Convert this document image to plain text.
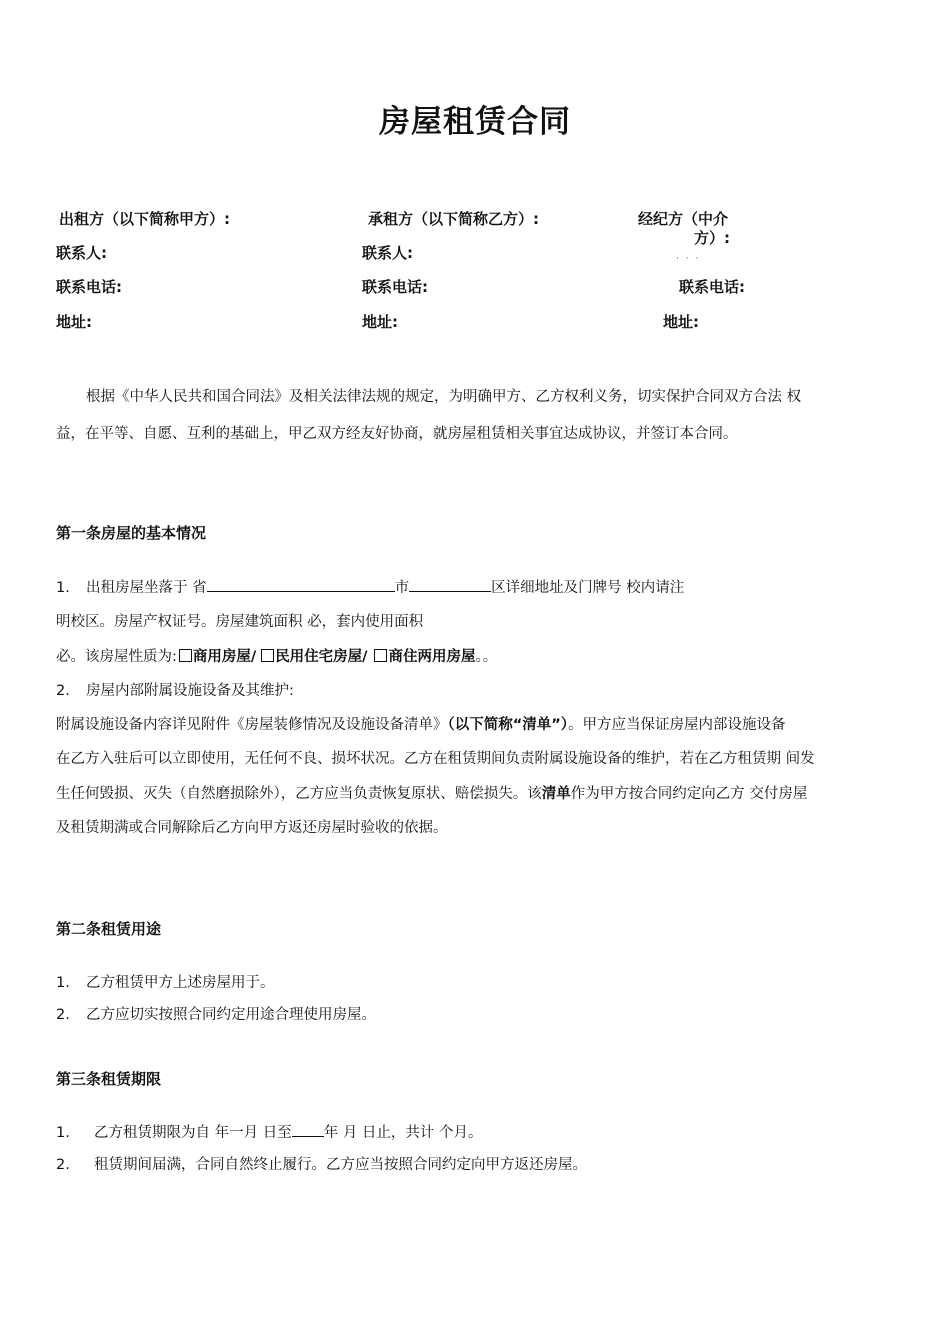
房屋租赁合同
出租方（以下简称甲方）:	承租方（以下简称乙方）:	经纪方（中介
方）:
联系人:	联系人:	· · ·
联系电话:	联系电话:	联系电话:
地址:	地址:	地址:
根据《中华人民共和国合同法》及相关法律法规的规定，为明确甲方、乙方权利义务，切实保护合同双方合法 权
益，在平等、自愿、互利的基础上，甲乙双方经友好协商，就房屋租赁相关事宜达成协议，并签订本合同。
第一条房屋的基本情况
1. 出租房屋坐落于 省	市	区详细地址及门牌号 校内请注
明校区。房屋产权证号。房屋建筑面积 必，套内使用面积
必。该房屋性质为: 商用房屋/ 民用住宅房屋/ 商住两用房屋。。
2. 房屋内部附属设施设备及其维护:
附属设施设备内容详见附件《房屋装修情况及设施设备清单》（以下简称“清单”）。甲方应当保证房屋内部设施设备
在乙方入驻后可以立即使用，无任何不良、损坏状况。乙方在租赁期间负责附属设施设备的维护，若在乙方租赁期 间发
生任何毁损、灭失（自然磨损除外），乙方应当负责恢复原状、赔偿损失。该清单作为甲方按合同约定向乙方 交付房屋
及租赁期满或合同解除后乙方向甲方返还房屋时验收的依据。
第二条租赁用途
1. 乙方租赁甲方上述房屋用于。
2. 乙方应切实按照合同约定用途合理使用房屋。
第三条租赁期限
1. 乙方租赁期限为自 年一月 日至 年 月 日止，共计 个月。
2. 租赁期间届满，合同自然终止履行。乙方应当按照合同约定向甲方返还房屋。
